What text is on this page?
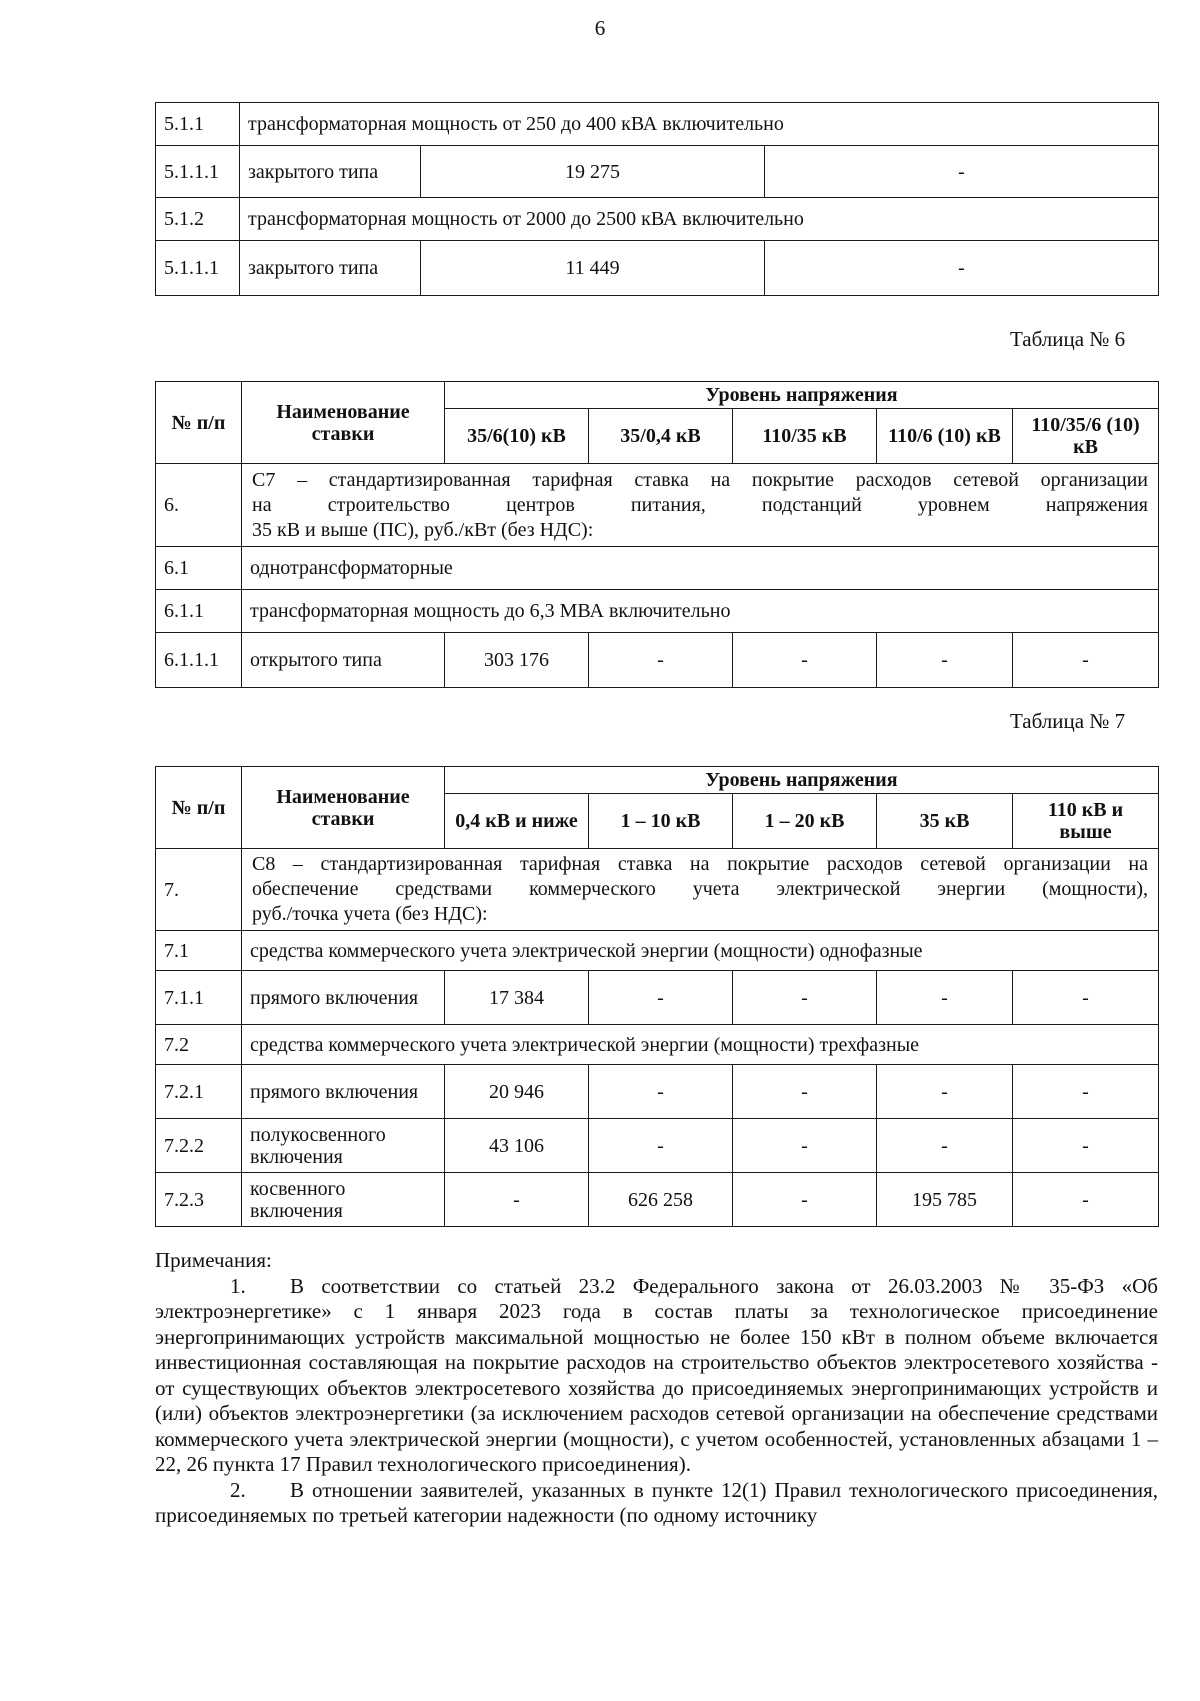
6
5.1.1	трансформаторная мощность от 250 до 400 кВА включительно		
5.1.1.1	закрытого типа	19 275	-
5.1.2	трансформаторная мощность от 2000 до 2500 кВА включительно		
5.1.1.1	закрытого типа	11 449	-
Таблица № 6
№ п/п	Наименование ставки	Уровень напряжения				
		35/6(10) кВ	35/0,4 кВ	110/35 кВ	110/6 (10) кВ	110/35/6 (10) кВ
6.	С7 – стандартизированная тарифная ставка на покрытие расходов сетевой организации
на строительство центров питания, подстанций уровнем напряжения
35 кВ и выше (ПС), руб./кВт (без НДС):					

6.1	однотрансформаторные					
6.1.1	трансформаторная мощность до 6,3 МВА включительно					
6.1.1.1	открытого типа	303 176	-	-	-	-
Таблица № 7
№ п/п	Наименование ставки	Уровень напряжения				
		0,4 кВ и ниже	1 – 10 кВ	1 – 20 кВ	35 кВ	110 кВ и выше
7.	С8 – стандартизированная тарифная ставка на покрытие расходов сетевой организации на
обеспечение средствами коммерческого учета электрической энергии (мощности),
руб./точка учета (без НДС):					

7.1	средства коммерческого учета электрической энергии (мощности) однофазные					
7.1.1	прямого включения	17 384	-	-	-	-
7.2	средства коммерческого учета электрической энергии (мощности) трехфазные					
7.2.1	прямого включения	20 946	-	-	-	-
7.2.2	полукосвенного включения	43 106	-	-	-	-
7.2.3	косвенного включения	-	626 258	-	195 785	-

Примечания:

1. В соответствии со статьей 23.2 Федерального закона от 26.03.2003 № 35-ФЗ «Об электроэнергетике» с 1 января 2023 года в состав платы за технологическое присоединение энергопринимающих устройств максимальной мощностью не более 150 кВт в полном объеме включается инвестиционная составляющая на покрытие расходов на строительство объектов электросетевого хозяйства - от существующих объектов электросетевого хозяйства до присоединяемых энергопринимающих устройств и (или) объектов электроэнергетики (за исключением расходов сетевой организации на обеспечение средствами коммерческого учета электрической энергии (мощности), с учетом особенностей, установленных абзацами 1 – 22, 26 пункта 17 Правил технологического присоединения).

2. В отношении заявителей, указанных в пункте 12(1) Правил технологического присоединения, присоединяемых по третьей категории надежности (по одному источнику
